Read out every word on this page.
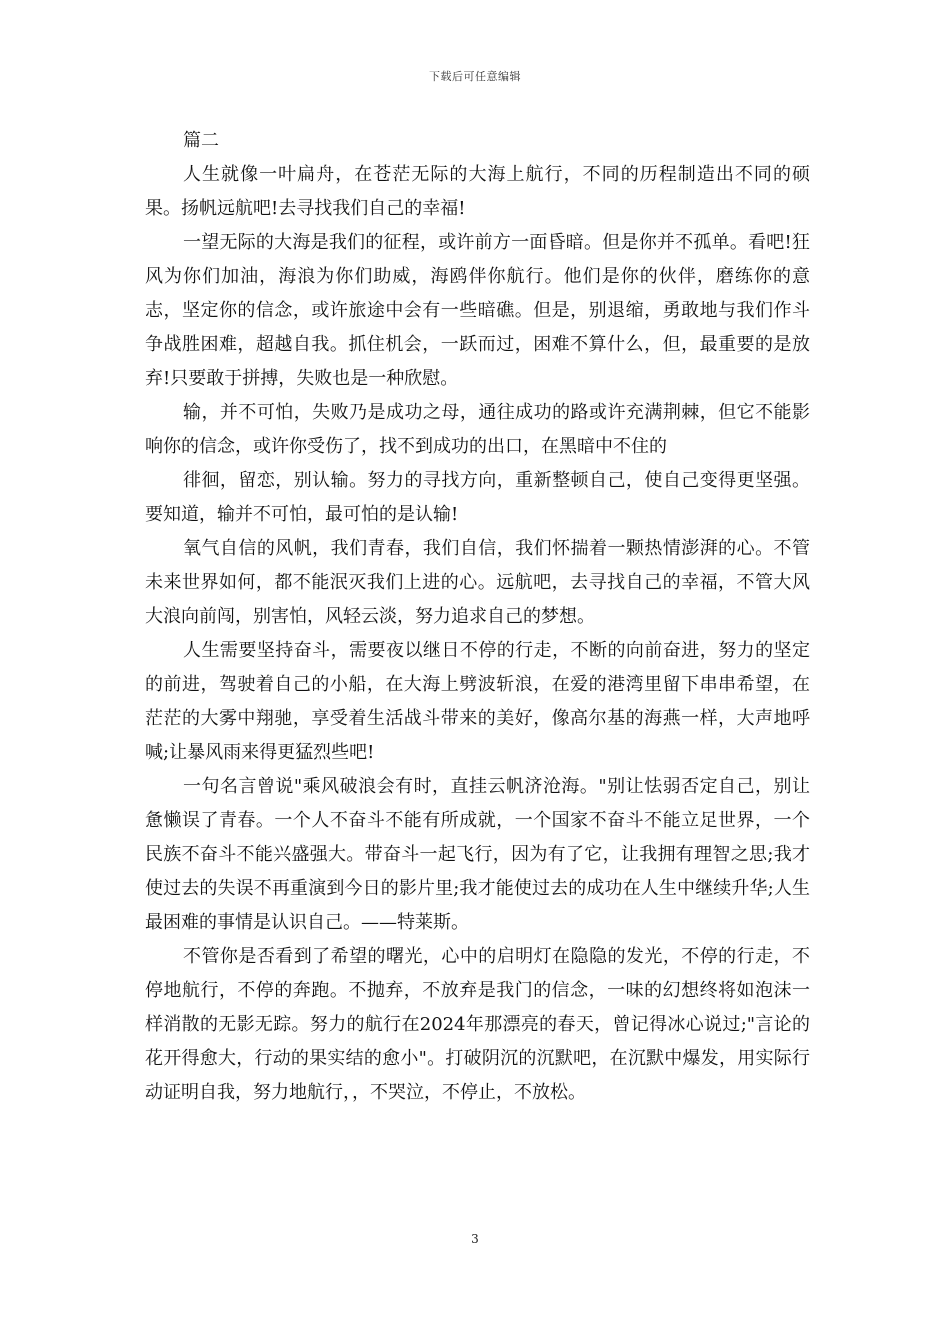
下载后可任意编辑

篇二

人生就像一叶扁舟，在苍茫无际的大海上航行，不同的历程制造出不同的硕果。扬帆远航吧!去寻找我们自己的幸福!

一望无际的大海是我们的征程，或许前方一面昏暗。但是你并不孤单。看吧!狂风为你们加油，海浪为你们助威，海鸥伴你航行。他们是你的伙伴，磨练你的意志，坚定你的信念，或许旅途中会有一些暗礁。但是，别退缩，勇敢地与我们作斗争战胜困难，超越自我。抓住机会，一跃而过，困难不算什么，但，最重要的是放弃!只要敢于拼搏，失败也是一种欣慰。

输，并不可怕，失败乃是成功之母，通往成功的路或许充满荆棘，但它不能影响你的信念，或许你受伤了，找不到成功的出口，在黑暗中不住的

徘徊，留恋，别认输。努力的寻找方向，重新整顿自己，使自己变得更坚强。要知道，输并不可怕，最可怕的是认输!

氧气自信的风帆，我们青春，我们自信，我们怀揣着一颗热情澎湃的心。不管未来世界如何，都不能泯灭我们上进的心。远航吧，去寻找自己的幸福，不管大风大浪向前闯，别害怕，风轻云淡，努力追求自己的梦想。

人生需要坚持奋斗，需要夜以继日不停的行走，不断的向前奋进，努力的坚定的前进，驾驶着自己的小船，在大海上劈波斩浪，在爱的港湾里留下串串希望，在茫茫的大雾中翔驰，享受着生活战斗带来的美好，像高尔基的海燕一样，大声地呼喊;让暴风雨来得更猛烈些吧!

一句名言曾说"乘风破浪会有时，直挂云帆济沧海。"别让怯弱否定自己，别让惫懒误了青春。一个人不奋斗不能有所成就，一个国家不奋斗不能立足世界，一个民族不奋斗不能兴盛强大。带奋斗一起飞行，因为有了它，让我拥有理智之思;我才使过去的失误不再重演到今日的影片里;我才能使过去的成功在人生中继续升华;人生最困难的事情是认识自己。——特莱斯。

不管你是否看到了希望的曙光，心中的启明灯在隐隐的发光，不停的行走，不停地航行，不停的奔跑。不抛弃，不放弃是我门的信念，一味的幻想终将如泡沫一样消散的无影无踪。努力的航行在2024年那漂亮的春天，曾记得冰心说过;"言论的花开得愈大，行动的果实结的愈小"。打破阴沉的沉默吧，在沉默中爆发，用实际行动证明自我，努力地航行，，不哭泣，不停止，不放松。

3
